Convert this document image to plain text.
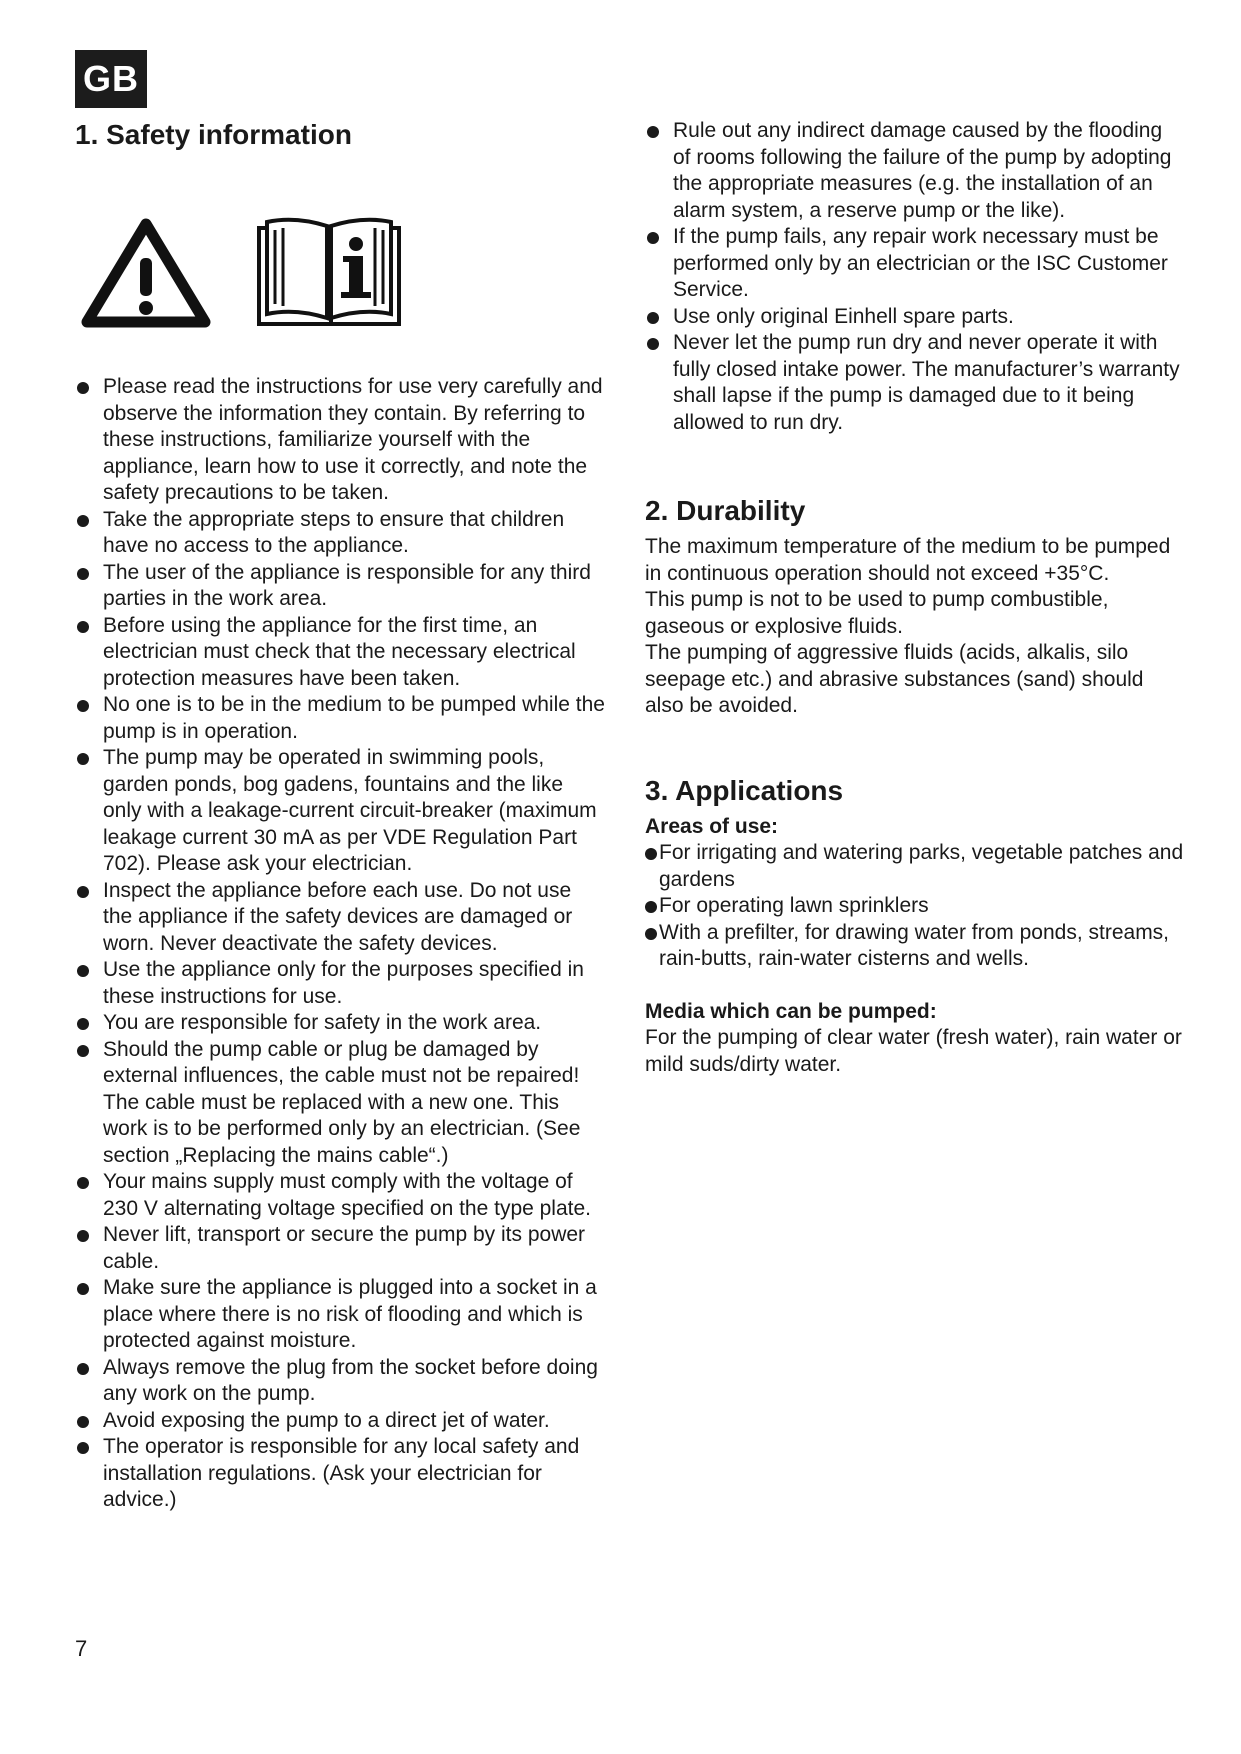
GB
1. Safety information
Please read the instructions for use very carefully and observe the information they contain. By referring to these instructions, familiarize yourself with the appliance, learn how to use it correctly, and note the safety precautions to be taken.
Take the appropriate steps to ensure that children have no access to the appliance.
The user of the appliance is responsible for any third parties in the work area.
Before using the appliance for the first time, an electrician must check that the necessary electrical protection measures have been taken.
No one is to be in the medium to be pumped while the pump is in operation.
The pump may be operated in swimming pools, garden ponds, bog gadens, fountains and the like only with a leakage-current circuit-breaker (maximum leakage current 30 mA as per VDE Regulation Part 702). Please ask your electrician.
Inspect the appliance before each use. Do not use the appliance if the safety devices are damaged or worn. Never deactivate the safety devices.
Use the appliance only for the purposes specified in these instructions for use.
You are responsible for safety in the work area.
Should the pump cable or plug be damaged by external influences, the cable must not be repaired! The cable must be replaced with a new one. This work is to be performed only by an electrician. (See section „Replacing the mains cable“.)
Your mains supply must comply with the voltage of 230 V alternating voltage specified on the type plate.
Never lift, transport or secure the pump by its power cable.
Make sure the appliance is plugged into a socket in a place where there is no risk of flooding and which is protected against moisture.
Always remove the plug from the socket before doing any work on the pump.
Avoid exposing the pump to a direct jet of water.
The operator is responsible for any local safety and installation regulations. (Ask your electrician for advice.)
Rule out any indirect damage caused by the flooding of rooms following the failure of the pump by adopting the appropriate measures (e.g. the installation of an alarm system, a reserve pump or the like).
If the pump fails, any repair work necessary must be performed only by an electrician or the ISC Customer Service.
Use only original Einhell spare parts.
Never let the pump run dry and never operate it with fully closed intake power. The manufacturer’s warranty shall lapse if the pump is damaged due to it being allowed to run dry.
2. Durability

The maximum temperature of the medium to be pumped in continuous operation should not exceed +35°C.

This pump is not to be used to pump combustible, gaseous or explosive fluids.

The pumping of aggressive fluids (acids, alkalis, silo seepage etc.) and abrasive substances (sand) should also be avoided.

3. Applications

Areas of use:

For irrigating and watering parks, vegetable patches and gardens
For operating lawn sprinklers
With a prefilter, for drawing water from ponds, streams, rain-butts, rain-water cisterns and wells.

Media which can be pumped:

For the pumping of clear water (fresh water), rain water or mild suds/dirty water.

7
